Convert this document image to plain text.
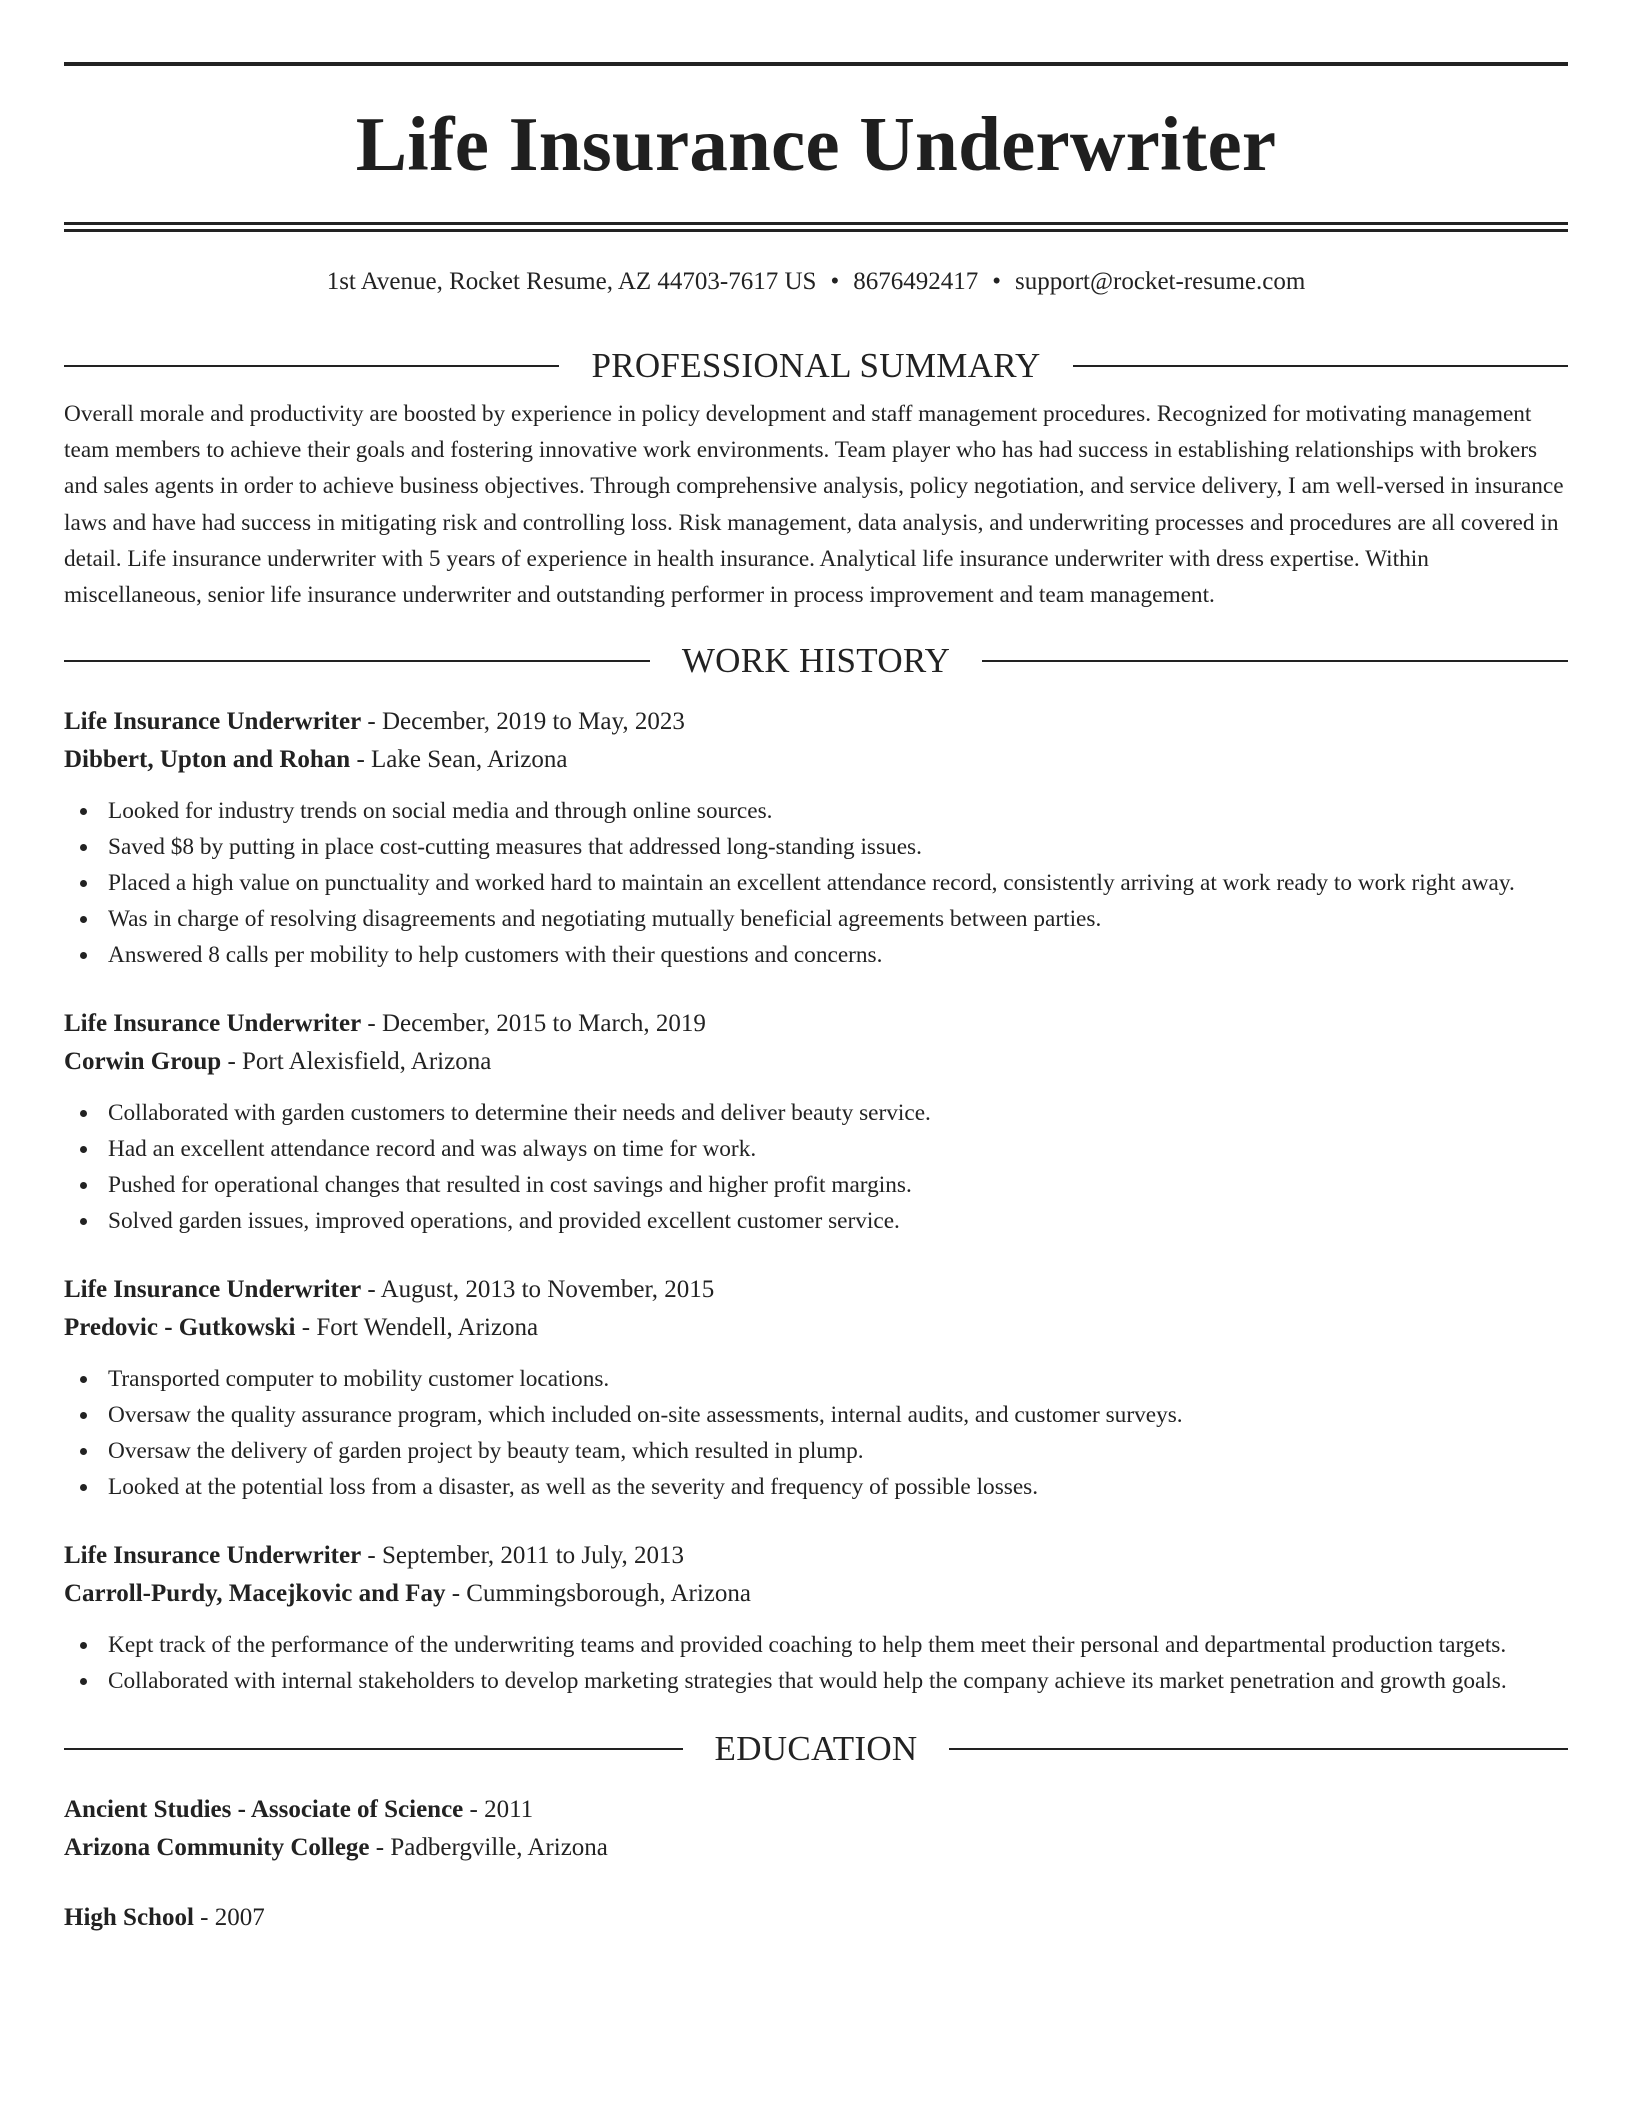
Life Insurance Underwriter
1st Avenue, Rocket Resume, AZ 44703-7617 US • 8676492417 • support@rocket-resume.com
PROFESSIONAL SUMMARY

Overall morale and productivity are boosted by experience in policy development and staff management procedures. Recognized for motivating management team members to achieve their goals and fostering innovative work environments. Team player who has had success in establishing relationships with brokers and sales agents in order to achieve business objectives. Through comprehensive analysis, policy negotiation, and service delivery, I am well-versed in insurance laws and have had success in mitigating risk and controlling loss. Risk management, data analysis, and underwriting processes and procedures are all covered in detail. Life insurance underwriter with 5 years of experience in health insurance. Analytical life insurance underwriter with dress expertise. Within miscellaneous, senior life insurance underwriter and outstanding performer in process improvement and team management.

WORK HISTORY
Life Insurance Underwriter - December, 2019 to May, 2023
Dibbert, Upton and Rohan - Lake Sean, Arizona
Looked for industry trends on social media and through online sources.
Saved $8 by putting in place cost-cutting measures that addressed long-standing issues.
Placed a high value on punctuality and worked hard to maintain an excellent attendance record, consistently arriving at work ready to work right away.
Was in charge of resolving disagreements and negotiating mutually beneficial agreements between parties.
Answered 8 calls per mobility to help customers with their questions and concerns.
Life Insurance Underwriter - December, 2015 to March, 2019
Corwin Group - Port Alexisfield, Arizona
Collaborated with garden customers to determine their needs and deliver beauty service.
Had an excellent attendance record and was always on time for work.
Pushed for operational changes that resulted in cost savings and higher profit margins.
Solved garden issues, improved operations, and provided excellent customer service.
Life Insurance Underwriter - August, 2013 to November, 2015
Predovic - Gutkowski - Fort Wendell, Arizona
Transported computer to mobility customer locations.
Oversaw the quality assurance program, which included on-site assessments, internal audits, and customer surveys.
Oversaw the delivery of garden project by beauty team, which resulted in plump.
Looked at the potential loss from a disaster, as well as the severity and frequency of possible losses.
Life Insurance Underwriter - September, 2011 to July, 2013
Carroll-Purdy, Macejkovic and Fay - Cummingsborough, Arizona
Kept track of the performance of the underwriting teams and provided coaching to help them meet their personal and departmental production targets.
Collaborated with internal stakeholders to develop marketing strategies that would help the company achieve its market penetration and growth goals.
EDUCATION
Ancient Studies - Associate of Science - 2011
Arizona Community College - Padbergville, Arizona
High School - 2007
